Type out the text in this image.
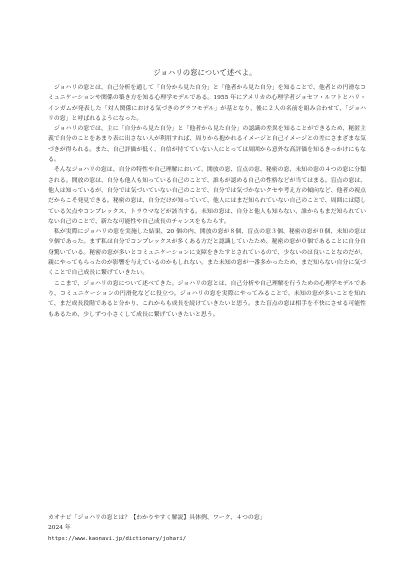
ジョハリの窓について述べよ。

ジョハリの窓とは、自己分析を通して「自分から見た自分」と「他者から見た自分」を知ることで、他者との円滑なコミュニケーションや関係の築き方を知る心理学モデルである。1955 年にアメリカの心理学者ジョセフ・ルフトとハリ・インガムが発表した「対人関係における気づきのグラフモデル」が基となり、後に２人の名前を組み合わせて、「ジョハリの窓」と呼ばれるようになった。

ジョハリの窓では、主に「自分から見た自分」と「他者から見た自分」の認識の差異を知ることができるため、秘匿主義で自分のことをあまり表に出さない人が利用すれば、周りから抱かれるイメージと自己イメージとの差にさまざまな気づきが得られる。また、自己評価が低く、自信が持てていない人にとっては周囲から意外な高評価を知るきっかけにもなる。

そんなジョハリの窓は、自分の特性や自己理解において、開放の窓、盲点の窓、秘密の窓、未知の窓の４つの窓に分類される。開放の窓は、自分も他人も知っている自己のことで、誰もが認める自己の性格などが当てはまる。盲点の窓は、他人は知っているが、自分では気づいていない自己のことで、自分では気づかないクセや考え方の傾向など、他者の視点だからこそ発見できる。秘密の窓は、自分だけが知っていて、他人にはまだ知られていない自己のことで、周囲には隠している欠点やコンプレックス、トラウマなどが該当する。未知の窓は、自分と他人も知らない、誰からもまだ知られていない自己のことで、新たな可能性や自己成長のチャンスをもたらす。

私が実際にジョハリの窓を実施した結果、20 個の内、開放の窓が８個、盲点の窓３個、秘密の窓が０個、未知の窓は９個であった。まず私は自分でコンプレックスが多くある方だと認識していたため、秘密の窓が０個であることに自分自身驚いている。秘密の窓が多いとコミュニケーションに支障をきたすとされているので、少ないのは良いことなのだが、親にやってもらったのが影響を与えているのかもしれない。また未知の窓が一番多かったため、まだ知らない自分に気づくことで自己成長に繋げていきたい。

ここまで、ジョハリの窓について述べてきた。ジョハリの窓とは、自己分析や自己理解を行うための心理学モデルであり、コミュニケーションの円滑化などに役立つ。ジョハリの窓を実際にやってみることで、未知の窓が多いことを知れて、まだ成長段階であると分かり、これからも成長を続けていきたいと思う。また盲点の窓は相手を不快にさせる可能性もあるため、少しずつ小さくして成長に繋げていきたいと思う。

カオナビ「ジョハリの窓とは？【わかりやすく解説】具体例、ワーク、４つの窓」
2024 年
https://www.kaonavi.jp/dictionary/johari/
